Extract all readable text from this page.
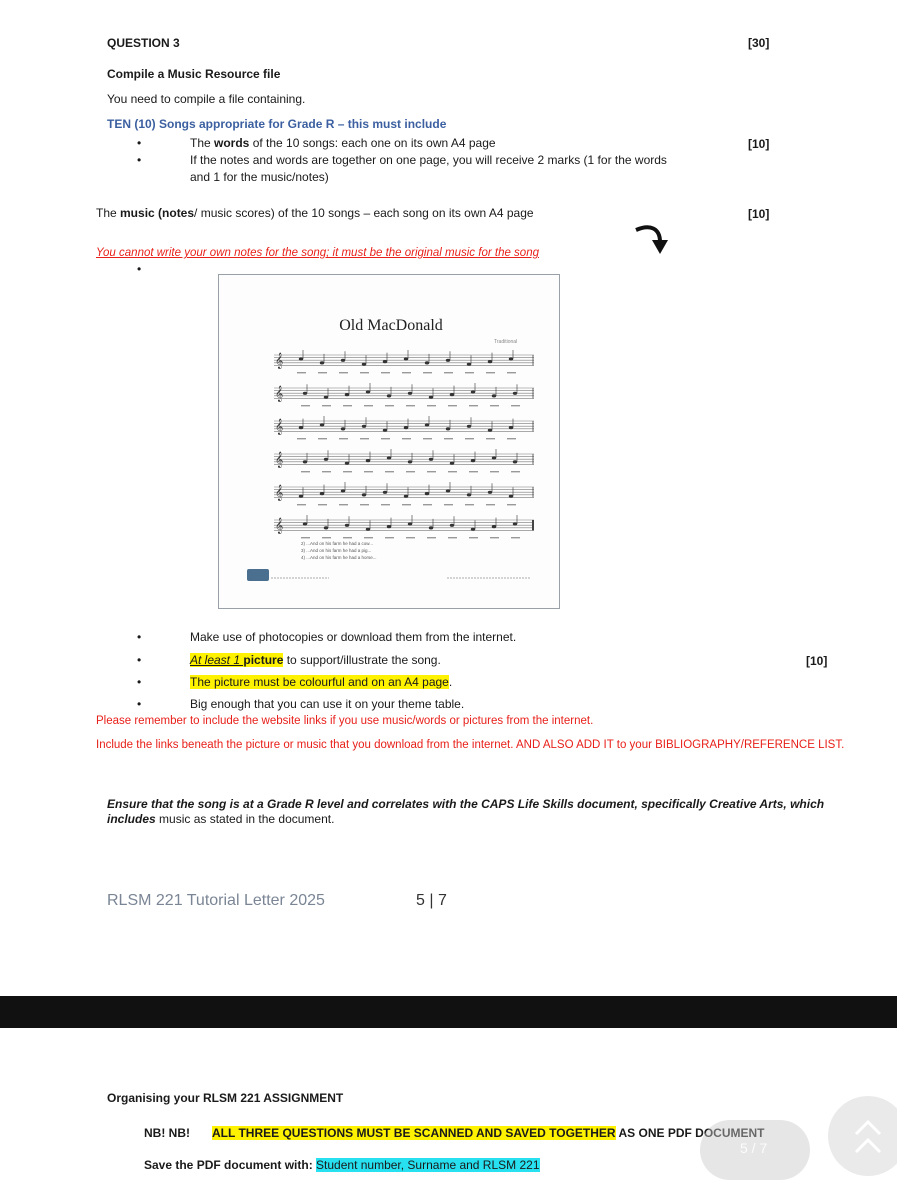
QUESTION 3	[30]
Compile a Music Resource file
You need to compile a file containing.
TEN (10) Songs appropriate for Grade R – this must include
•	The words of the 10 songs: each one on its own A4 page	[10]
•	If the notes and words are together on one page, you will receive 2 marks (1 for the words
and 1 for the music/notes)
The music (notes/ music scores) of the 10 songs – each song on its own A4 page	[10]
You cannot write your own notes for the song; it must be the original music for the song
•
Old MacDonald
Traditional
𝄞
𝄞
𝄞
𝄞
𝄞
𝄞
2) ...And on his farm he had a cow...
3) ...And on his farm he had a pig...
4) ...And on his farm he had a horse...
•	Make use of photocopies or download them from the internet.
•	At least 1 picture to support/illustrate the song.	[10]
•	The picture must be colourful and on an A4 page.
•	Big enough that you can use it on your theme table.
Please remember to include the website links if you use music/words or pictures from the internet.
Include the links beneath the picture or music that you download from the internet. AND ALSO ADD IT to your BIBLIOGRAPHY/REFERENCE LIST.
Ensure that the song is at a Grade R level and correlates with the CAPS Life Skills document, specifically Creative Arts, which includes music as stated in the document.
RLSM 221 Tutorial Letter 2025	5 | 7
Organising your RLSM 221 ASSIGNMENT
NB! NB! ALL THREE QUESTIONS MUST BE SCANNED AND SAVED TOGETHER AS ONE PDF DOCUMENT
Save the PDF document with: Student number, Surname and RLSM 221
5 / 7
